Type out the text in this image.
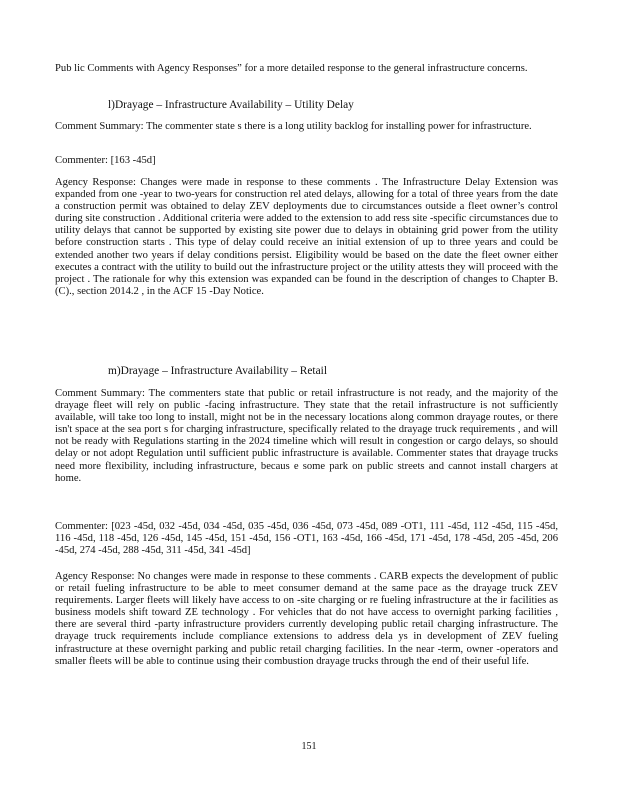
Pub lic Comments with Agency Responses” for a more detailed response to the general infrastructure concerns.

l)Drayage – Infrastructure Availability – Utility Delay

Comment Summary: The commenter state s there is a long utility backlog for installing power for infrastructure.

Commenter: [163 -45d]

Agency Response: Changes were made in response to these comments . The Infrastructure Delay Extension was expanded from one -year to two-years for construction rel ated delays, allowing for a total of three years from the date a construction permit was obtained to delay ZEV deployments due to circumstances outside a fleet owner’s control during site construction . Additional criteria were added to the extension to add ress site -specific circumstances due to utility delays that cannot be supported by existing site power due to delays in obtaining grid power from the utility before construction starts . This type of delay could receive an initial extension of up to three years and could be extended another two years if delay conditions persist. Eligibility would be based on the date the fleet owner either executes a contract with the utility to build out the infrastructure project or the utility attests they will proceed with the project . The rationale for why this extension was expanded can be found in the description of changes to Chapter B.(C)., section 2014.2 , in the ACF 15 -Day Notice.

m)Drayage – Infrastructure Availability – Retail

Comment Summary: The commenters state that public or retail infrastructure is not ready, and the majority of the drayage fleet will rely on public -facing infrastructure. They state that the retail infrastructure is not sufficiently available, will take too long to install, might not be in the necessary locations along common drayage routes, or there isn't space at the sea port s for charging infrastructure, specifically related to the drayage truck requirements , and will not be ready with Regulations starting in the 2024 timeline which will result in congestion or cargo delays, so should delay or not adopt Regulation until sufficient public infrastructure is available. Commenter states that drayage trucks need more flexibility, including infrastructure, becaus e some park on public streets and cannot install chargers at home.

Commenter: [023 -45d, 032 -45d, 034 -45d, 035 -45d, 036 -45d, 073 -45d, 089 -OT1, 111 -45d, 112 -45d, 115 -45d, 116 -45d, 118 -45d, 126 -45d, 145 -45d, 151 -45d, 156 -OT1, 163 -45d, 166 -45d, 171 -45d, 178 -45d, 205 -45d, 206 -45d, 274 -45d, 288 -45d, 311 -45d, 341 -45d]

Agency Response: No changes were made in response to these comments . CARB expects the development of public or retail fueling infrastructure to be able to meet consumer demand at the same pace as the drayage truck ZEV requirements. Larger fleets will likely have access to on -site charging or re fueling infrastructure at the ir facilities as business models shift toward ZE technology . For vehicles that do not have access to overnight parking facilities , there are several third -party infrastructure providers currently developing public retail charging infrastructure. The drayage truck requirements include compliance extensions to address dela ys in development of ZEV fueling infrastructure at these overnight parking and public retail charging facilities. In the near -term, owner -operators and smaller fleets will be able to continue using their combustion drayage trucks through the end of their useful life.

151
